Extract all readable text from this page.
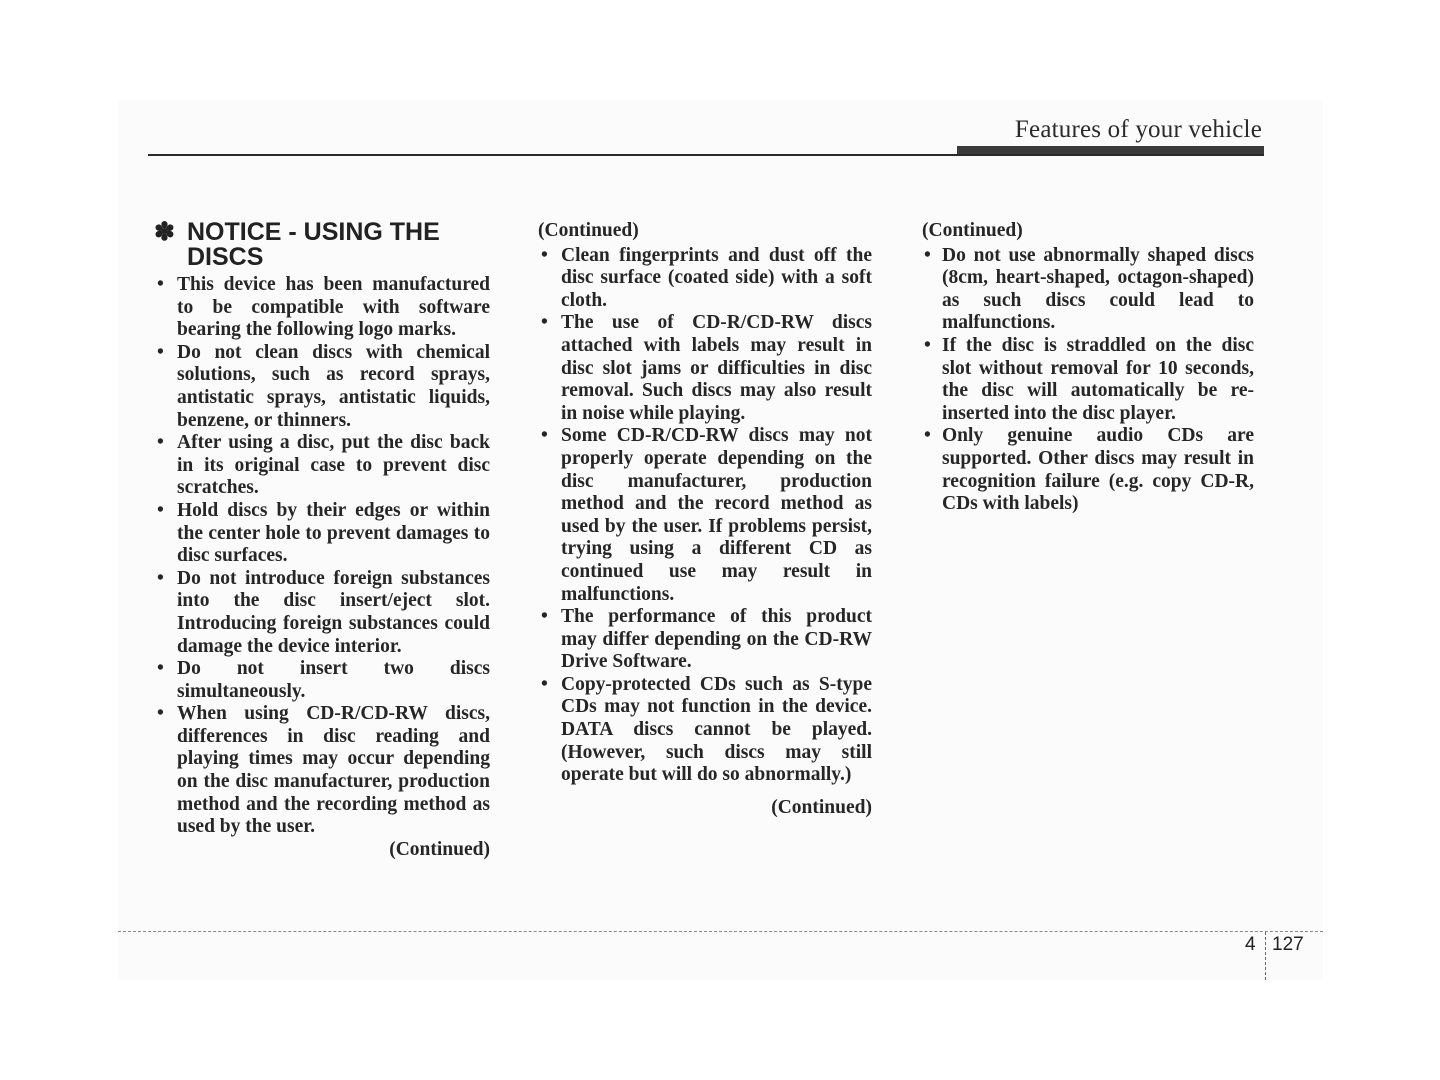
Features of your vehicle
✽ NOTICE - USING THE DISCS
• This device has been manufactured to be compatible with software bearing the following logo marks.
• Do not clean discs with chemical solutions, such as record sprays, antistatic sprays, antistatic liquids, benzene, or thinners.
• After using a disc, put the disc back in its original case to prevent disc scratches.
• Hold discs by their edges or within the center hole to prevent damages to disc surfaces.
• Do not introduce foreign substances into the disc insert/eject slot. Introducing foreign substances could damage the device interior.
• Do not insert two discs simultaneously.
• When using CD-R/CD-RW discs, differences in disc reading and playing times may occur depending on the disc manufacturer, production method and the recording method as used by the user.
(Continued)
(Continued)
• Clean fingerprints and dust off the disc surface (coated side) with a soft cloth.
• The use of CD-R/CD-RW discs attached with labels may result in disc slot jams or difficulties in disc removal. Such discs may also result in noise while playing.
• Some CD-R/CD-RW discs may not properly operate depending on the disc manufacturer, production method and the record method as used by the user. If problems persist, trying using a different CD as continued use may result in malfunctions.
• The performance of this product may differ depending on the CD-RW Drive Software.
• Copy-protected CDs such as S-type CDs may not function in the device. DATA discs cannot be played. (However, such discs may still operate but will do so abnormally.)
(Continued)
(Continued)
• Do not use abnormally shaped discs (8cm, heart-shaped, octagon-shaped) as such discs could lead to malfunctions.
• If the disc is straddled on the disc slot without removal for 10 seconds, the disc will automatically be re-inserted into the disc player.
• Only genuine audio CDs are supported. Other discs may result in recognition failure (e.g. copy CD-R, CDs with labels)
4 127
